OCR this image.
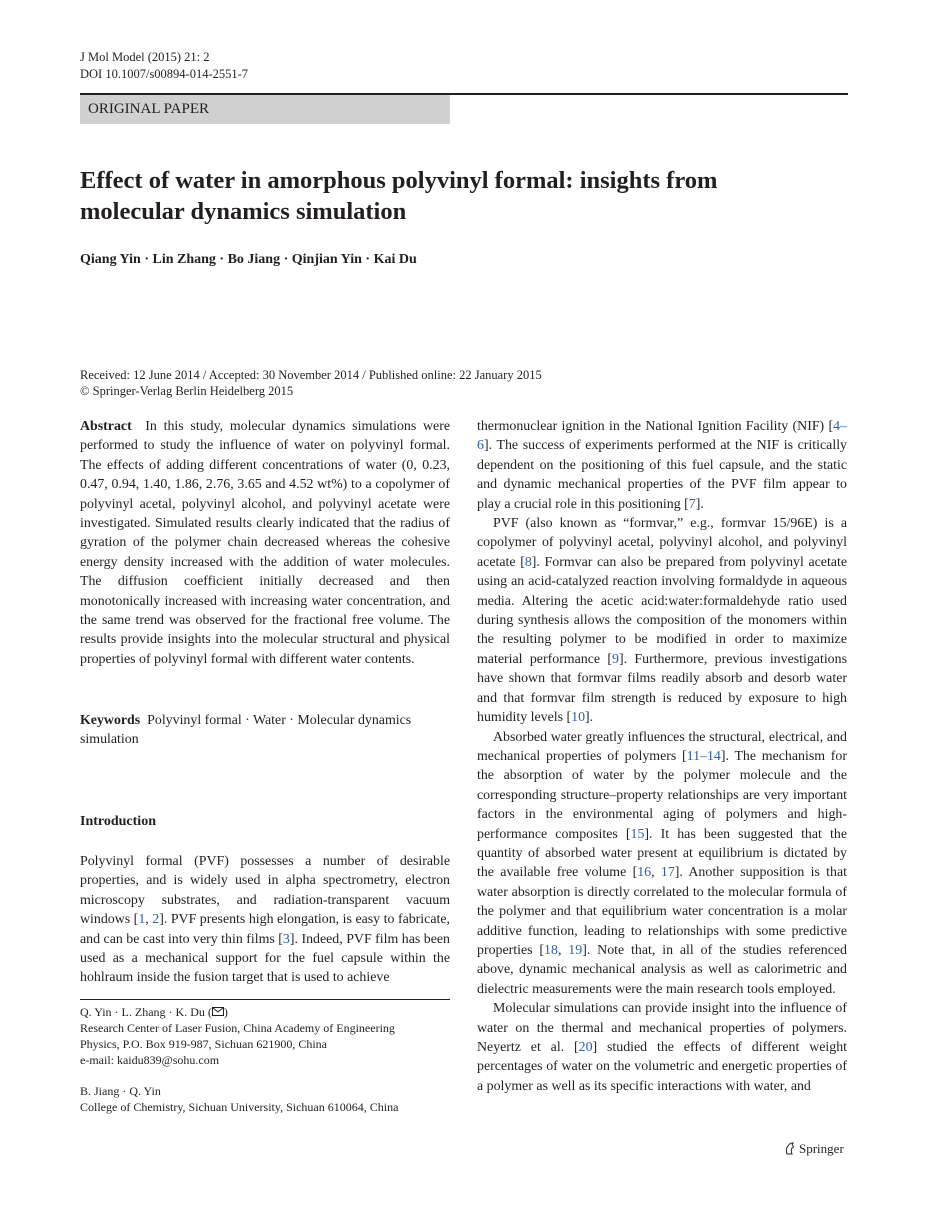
J Mol Model (2015) 21: 2
DOI 10.1007/s00894-014-2551-7
ORIGINAL PAPER
Effect of water in amorphous polyvinyl formal: insights from molecular dynamics simulation
Qiang Yin · Lin Zhang · Bo Jiang · Qinjian Yin · Kai Du
Received: 12 June 2014 / Accepted: 30 November 2014 / Published online: 22 January 2015
© Springer-Verlag Berlin Heidelberg 2015

Abstract In this study, molecular dynamics simulations were performed to study the influence of water on polyvinyl formal. The effects of adding different concentrations of water (0, 0.23, 0.47, 0.94, 1.40, 1.86, 2.76, 3.65 and 4.52 wt%) to a copolymer of polyvinyl acetal, polyvinyl alcohol, and polyvinyl acetate were investigated. Simulated results clearly indicated that the radius of gyration of the polymer chain decreased whereas the cohesive energy density increased with the addition of water molecules. The diffusion coefficient initially decreased and then monotonically increased with increasing water concentration, and the same trend was observed for the fractional free volume. The results provide insights into the molecular structural and physical properties of polyvinyl formal with different water contents.

Keywords Polyvinyl formal · Water · Molecular dynamics simulation

Introduction

Polyvinyl formal (PVF) possesses a number of desirable properties, and is widely used in alpha spectrometry, electron microscopy substrates, and radiation-transparent vacuum windows [1, 2]. PVF presents high elongation, is easy to fabricate, and can be cast into very thin films [3]. Indeed, PVF film has been used as a mechanical support for the fuel capsule within the hohlraum inside the fusion target that is used to achieve

thermonuclear ignition in the National Ignition Facility (NIF) [4–6]. The success of experiments performed at the NIF is critically dependent on the positioning of this fuel capsule, and the static and dynamic mechanical properties of the PVF film appear to play a crucial role in this positioning [7].

PVF (also known as “formvar,” e.g., formvar 15/96E) is a copolymer of polyvinyl acetal, polyvinyl alcohol, and polyvinyl acetate [8]. Formvar can also be prepared from polyvinyl acetate using an acid-catalyzed reaction involving formaldyde in aqueous media. Altering the acetic acid:water:formaldehyde ratio used during synthesis allows the composition of the monomers within the resulting polymer to be modified in order to maximize material performance [9]. Furthermore, previous investigations have shown that formvar films readily absorb and desorb water and that formvar film strength is reduced by exposure to high humidity levels [10].

Absorbed water greatly influences the structural, electrical, and mechanical properties of polymers [11–14]. The mechanism for the absorption of water by the polymer molecule and the corresponding structure–property relationships are very important factors in the environmental aging of polymers and high-performance composites [15]. It has been suggested that the quantity of absorbed water present at equilibrium is dictated by the available free volume [16, 17]. Another supposition is that water absorption is directly correlated to the molecular formula of the polymer and that equilibrium water concentration is a molar additive function, leading to relationships with some predictive properties [18, 19]. Note that, in all of the studies referenced above, dynamic mechanical analysis as well as calorimetric and dielectric measurements were the main research tools employed.

Molecular simulations can provide insight into the influence of water on the thermal and mechanical properties of polymers. Neyertz et al. [20] studied the effects of different weight percentages of water on the volumetric and energetic properties of a polymer as well as its specific interactions with water, and

Q. Yin · L. Zhang · K. Du ( )
Research Center of Laser Fusion, China Academy of Engineering
Physics, P.O. Box 919-987, Sichuan 621900, China
e-mail: kaidu839@sohu.com
B. Jiang · Q. Yin
College of Chemistry, Sichuan University, Sichuan 610064, China
Springer
